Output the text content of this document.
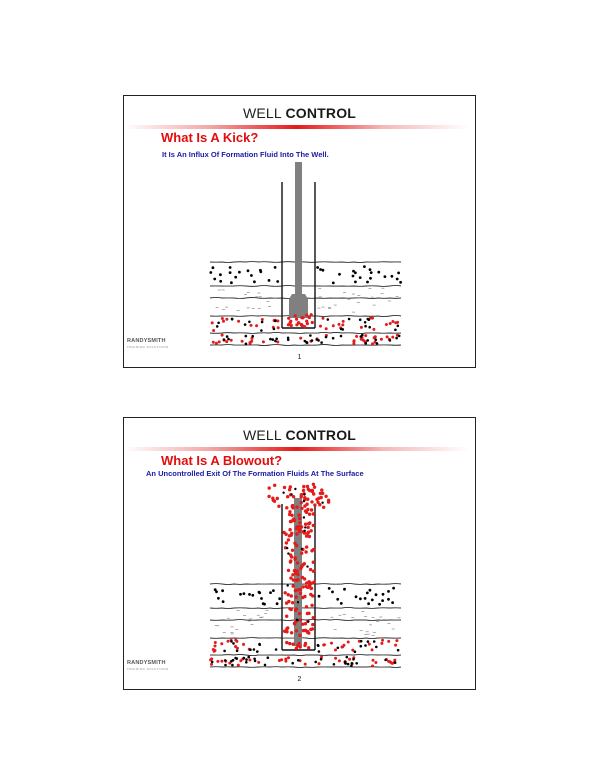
WELL CONTROL
What Is A Kick?
It Is An Influx Of Formation Fluid Into The Well.
RANDYSMITH
TRAINING SOLUTIONS
1
WELL CONTROL
What Is A Blowout?
An Uncontrolled Exit Of The Formation Fluids At The Surface
RANDYSMITH
TRAINING SOLUTIONS
2
